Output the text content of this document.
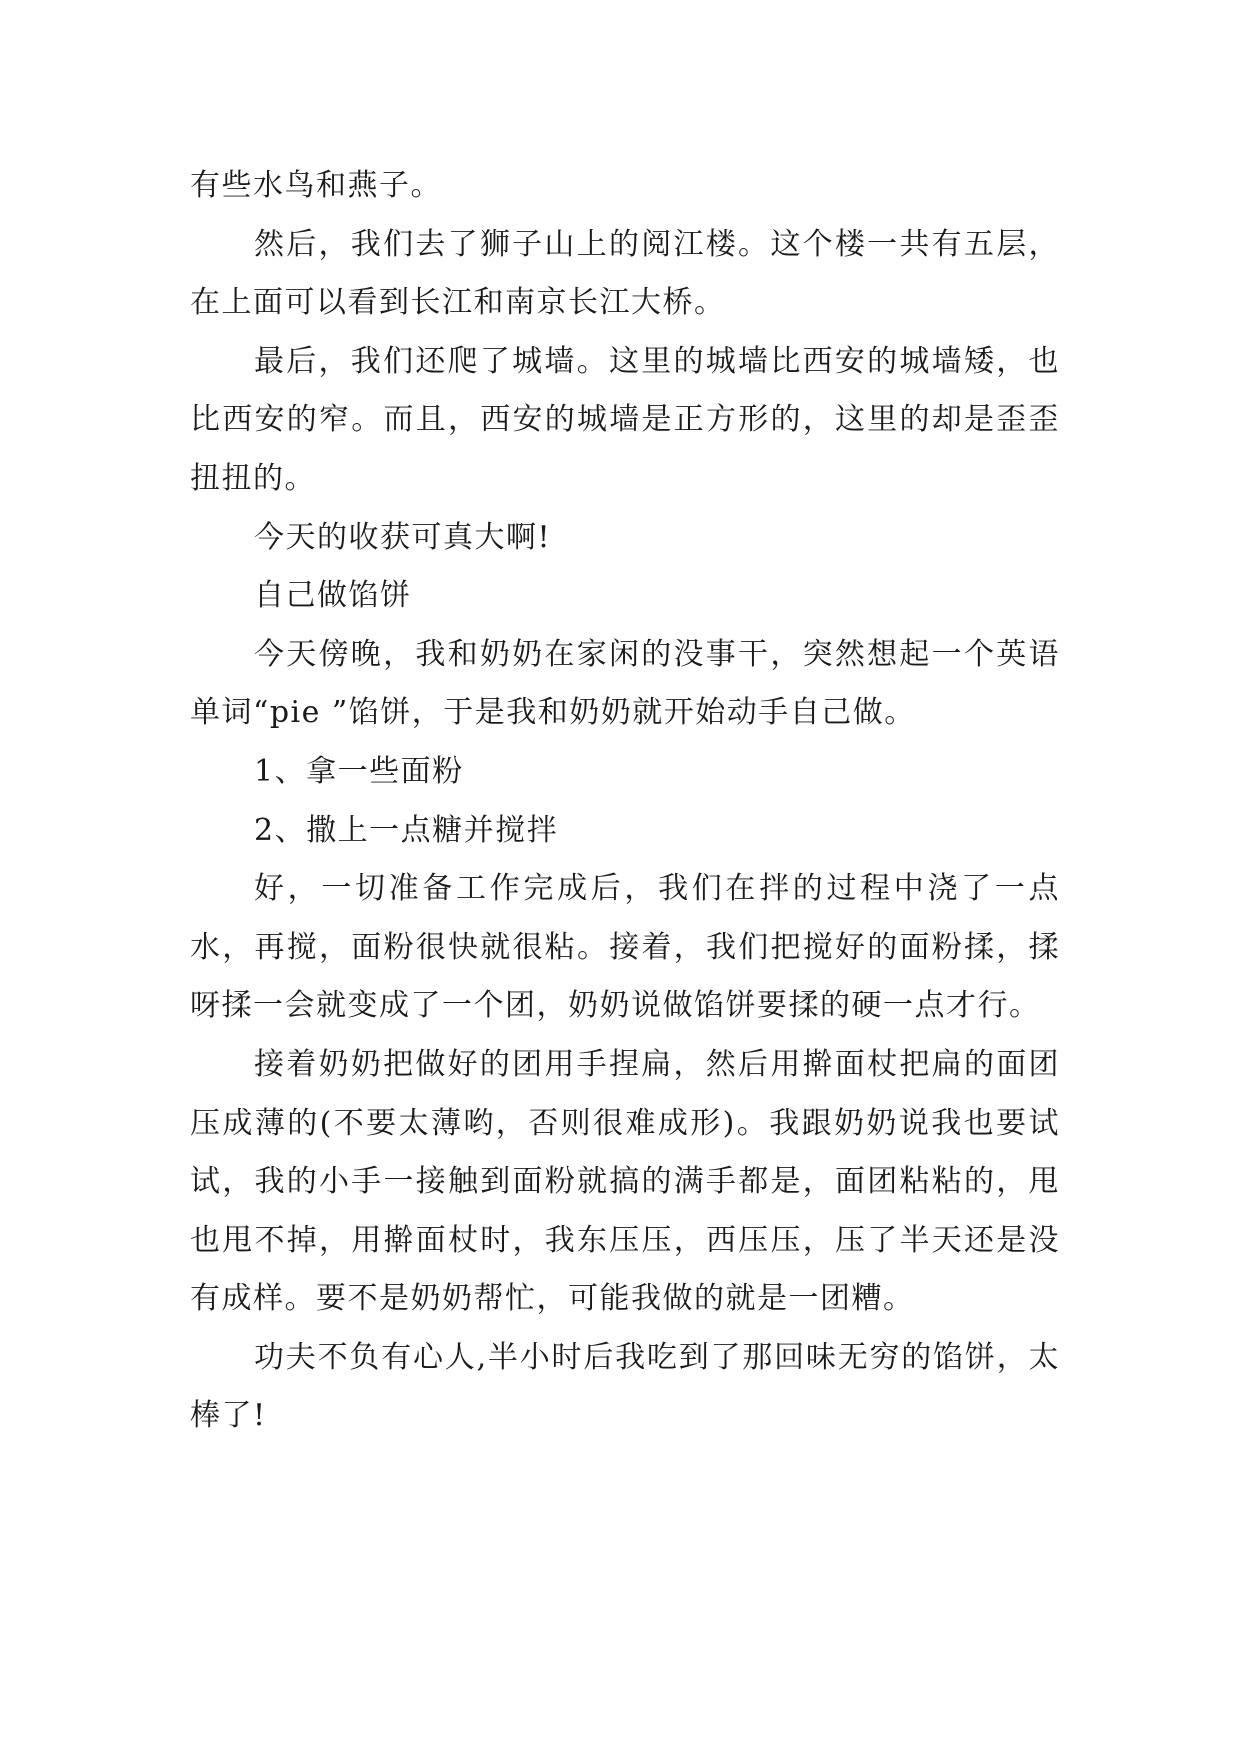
有些水鸟和燕子。

然后，我们去了狮子山上的阅江楼。这个楼一共有五层，在上面可以看到长江和南京长江大桥。

最后，我们还爬了城墙。这里的城墙比西安的城墙矮，也比西安的窄。而且，西安的城墙是正方形的，这里的却是歪歪扭扭的。

今天的收获可真大啊!

自己做馅饼

今天傍晚，我和奶奶在家闲的没事干，突然想起一个英语单词“pie ”馅饼，于是我和奶奶就开始动手自己做。

1、拿一些面粉

2、撒上一点糖并搅拌

好，一切准备工作完成后，我们在拌的过程中浇了一点水，再搅，面粉很快就很粘。接着，我们把搅好的面粉揉，揉呀揉一会就变成了一个团，奶奶说做馅饼要揉的硬一点才行。

接着奶奶把做好的团用手捏扁，然后用擀面杖把扁的面团压成薄的(不要太薄哟，否则很难成形)。我跟奶奶说我也要试试，我的小手一接触到面粉就搞的满手都是，面团粘粘的，甩也甩不掉，用擀面杖时，我东压压，西压压，压了半天还是没有成样。要不是奶奶帮忙，可能我做的就是一团糟。

功夫不负有心人,半小时后我吃到了那回味无穷的馅饼，太棒了!
